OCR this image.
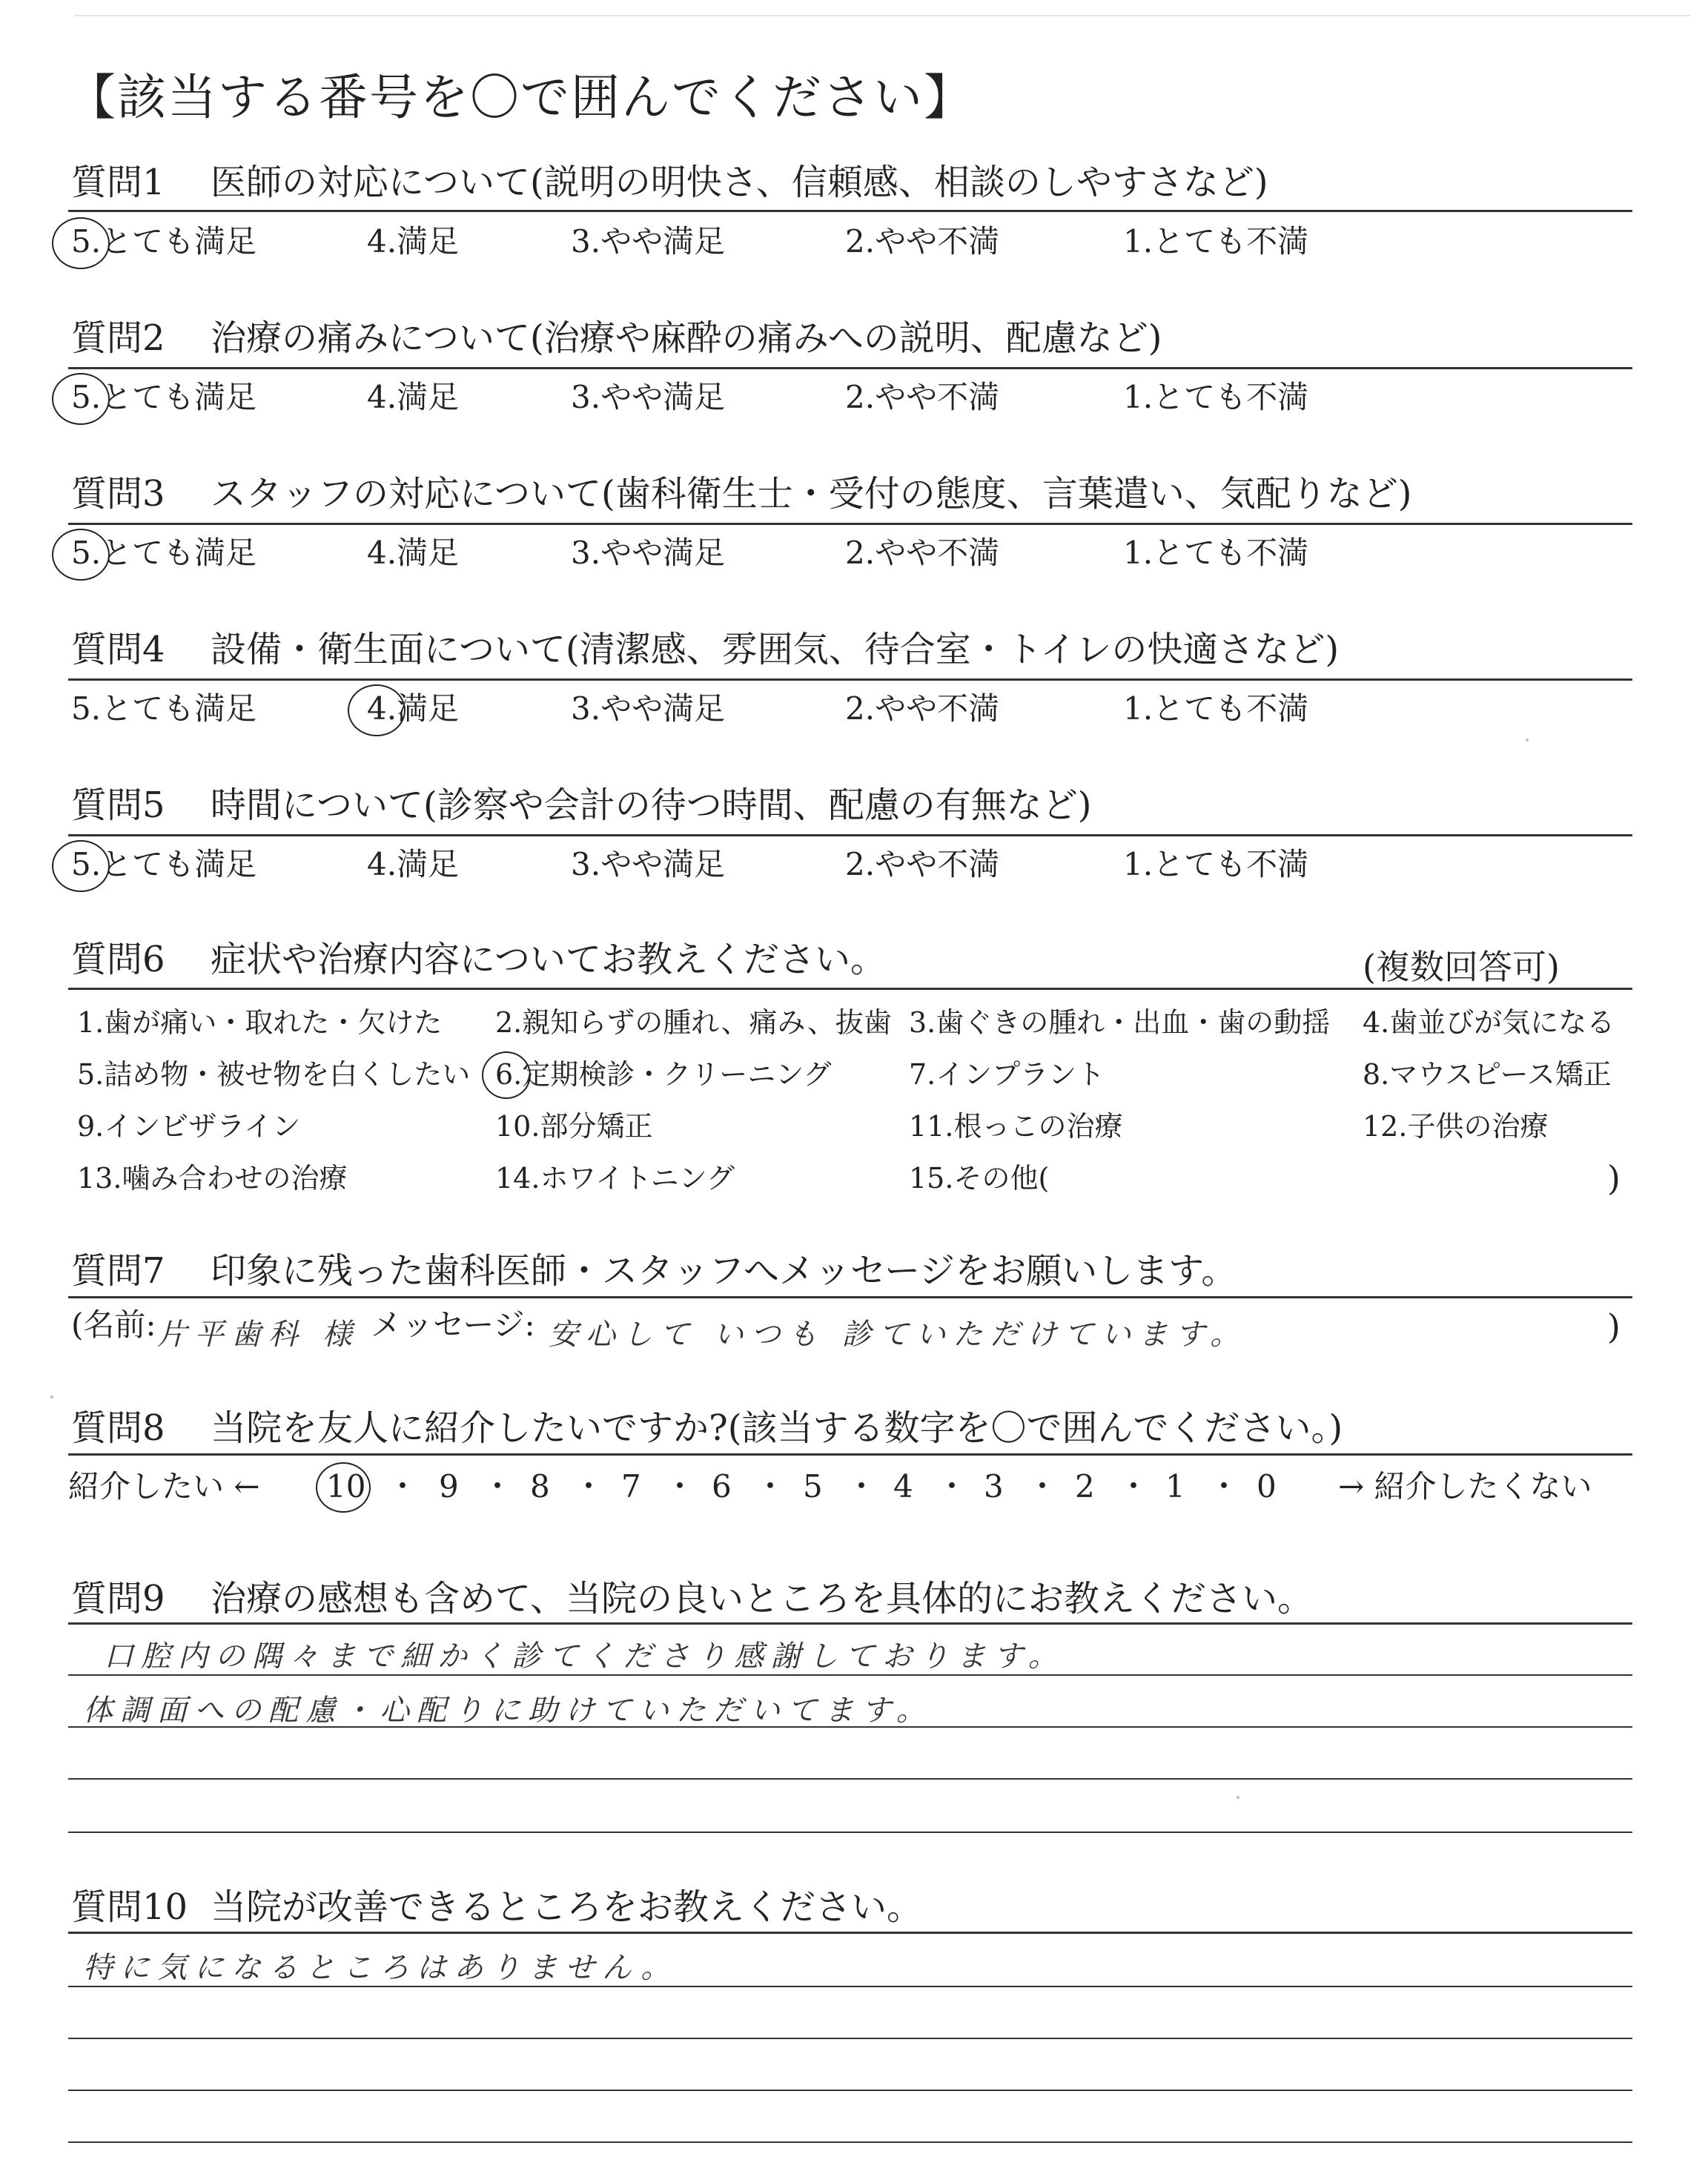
【該当する番号を〇で囲んでください】
質問1 医師の対応について(説明の明快さ、信頼感、相談のしやすさなど)
5.とても満足	4.満足	3.やや満足	2.やや不満	1.とても不満
質問2 治療の痛みについて(治療や麻酔の痛みへの説明、配慮など)
5.とても満足	4.満足	3.やや満足	2.やや不満	1.とても不満
質問3 スタッフの対応について(歯科衛生士・受付の態度、言葉遣い、気配りなど)
5.とても満足	4.満足	3.やや満足	2.やや不満	1.とても不満
質問4 設備・衛生面について(清潔感、雰囲気、待合室・トイレの快適さなど)
5.とても満足	4.満足	3.やや満足	2.やや不満	1.とても不満
質問5 時間について(診察や会計の待つ時間、配慮の有無など)
5.とても満足	4.満足	3.やや満足	2.やや不満	1.とても不満
質問6 症状や治療内容についてお教えください。	(複数回答可)
1.歯が痛い・取れた・欠けた 2.親知らずの腫れ、痛み、抜歯 3.歯ぐきの腫れ・出血・歯の動揺 4.歯並びが気になる
5.詰め物・被せ物を白くしたい 6.定期検診・クリーニング	7.インプラント	8.マウスピース矯正
9.インビザライン	10.部分矯正	11.根っこの治療	12.子供の治療
13.噛み合わせの治療	14.ホワイトニング	15.その他(	)
質問7 印象に残った歯科医師・スタッフへメッセージをお願いします。
(名前: 片平歯科 様 メッセージ: 安心して いつも 診ていただけています。	)
質問8 当院を友人に紹介したいですか?(該当する数字を〇で囲んでください。)
紹介したい ← 10 ・ 9 ・ 8 ・ 7 ・ 6 ・ 5 ・ 4 ・ 3 ・ 2 ・ 1 ・ 0 → 紹介したくない
質問9 治療の感想も含めて、当院の良いところを具体的にお教えください。
口腔内の隅々まで細かく診てくださり感謝しております。
体調面への配慮・心配りに助けていただいてます。
質問10 当院が改善できるところをお教えください。
特に気になるところはありません。
